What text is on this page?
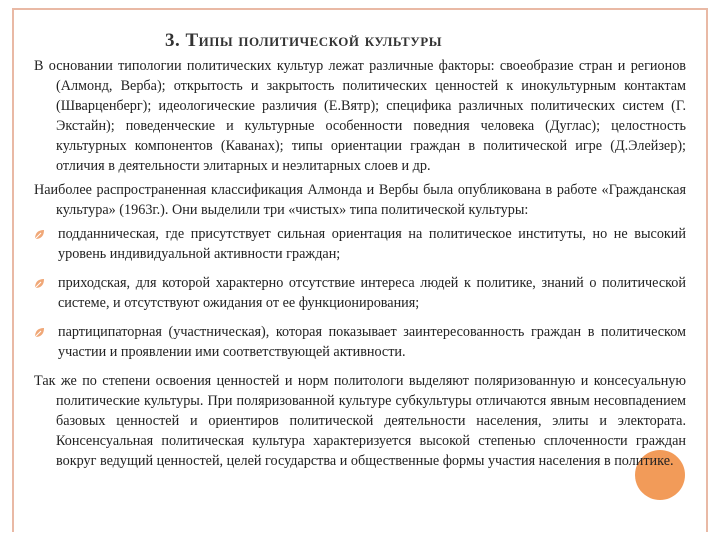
3. Типы политической культуры

В основании типологии политических культур лежат различные факторы: своеобразие стран и регионов (Алмонд, Верба); открытость и закрытость политических ценностей к инокультурным контактам (Шварценберг); идеологические различия (Е.Вятр); специфика различных политических систем (Г. Экстайн); поведенческие и культурные особенности поведния человека (Дуглас); целостность культурных компонентов (Каванах); типы ориентации граждан в политической игре (Д.Элейзер); отличия в деятельности элитарных и неэлитарных слоев и др.

Наиболее распространенная классификация Алмонда и Вербы была опубликована в работе «Гражданская культура» (1963г.). Они выделили три «чистых» типа политической культуры:

подданническая, где присутствует сильная ориентация на политическое институты, но не высокий уровень индивидуальной активности граждан;
приходская, для которой характерно отсутствие интереса людей к политике, знаний о политической системе, и отсутствуют ожидания от ее функционирования;
партиципаторная (участническая), которая показывает заинтересованность граждан в политическом участии и проявлении ими соответствующей активности.

Так же по степени освоения ценностей и норм политологи выделяют поляризованную и консесуальную политические культуры. При поляризованной культуре субкультуры отличаются явным несовпадением базовых ценностей и ориентиров политической деятельности населения, элиты и электората. Консенсуальная политическая культура характеризуется высокой степенью сплоченности граждан вокруг ведущий ценностей, целей государства и общественные формы участия населения в политике.
